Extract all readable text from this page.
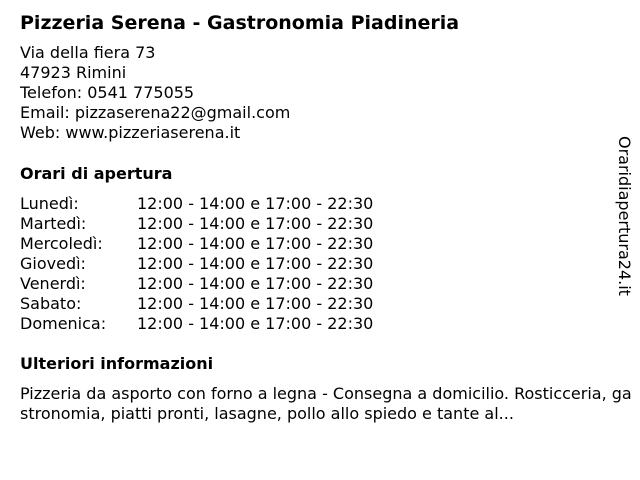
Pizzeria Serena - Gastronomia Piadineria
Via della fiera 73
47923 Rimini
Telefon: 0541 775055
Email: pizzaserena22@gmail.com
Web: www.pizzeriaserena.it
Orari di apertura
Lunedì:	12:00 - 14:00 e 17:00 - 22:30
Martedì:	12:00 - 14:00 e 17:00 - 22:30
Mercoledì:	12:00 - 14:00 e 17:00 - 22:30
Giovedì:	12:00 - 14:00 e 17:00 - 22:30
Venerdì:	12:00 - 14:00 e 17:00 - 22:30
Sabato:	12:00 - 14:00 e 17:00 - 22:30
Domenica:	12:00 - 14:00 e 17:00 - 22:30
Ulteriori informazioni
Pizzeria da asporto con forno a legna - Consegna a domicilio. Rosticceria, gastronomia, piatti pronti, lasagne, pollo allo spiedo e tante al...
Oraridiapertura24.it
